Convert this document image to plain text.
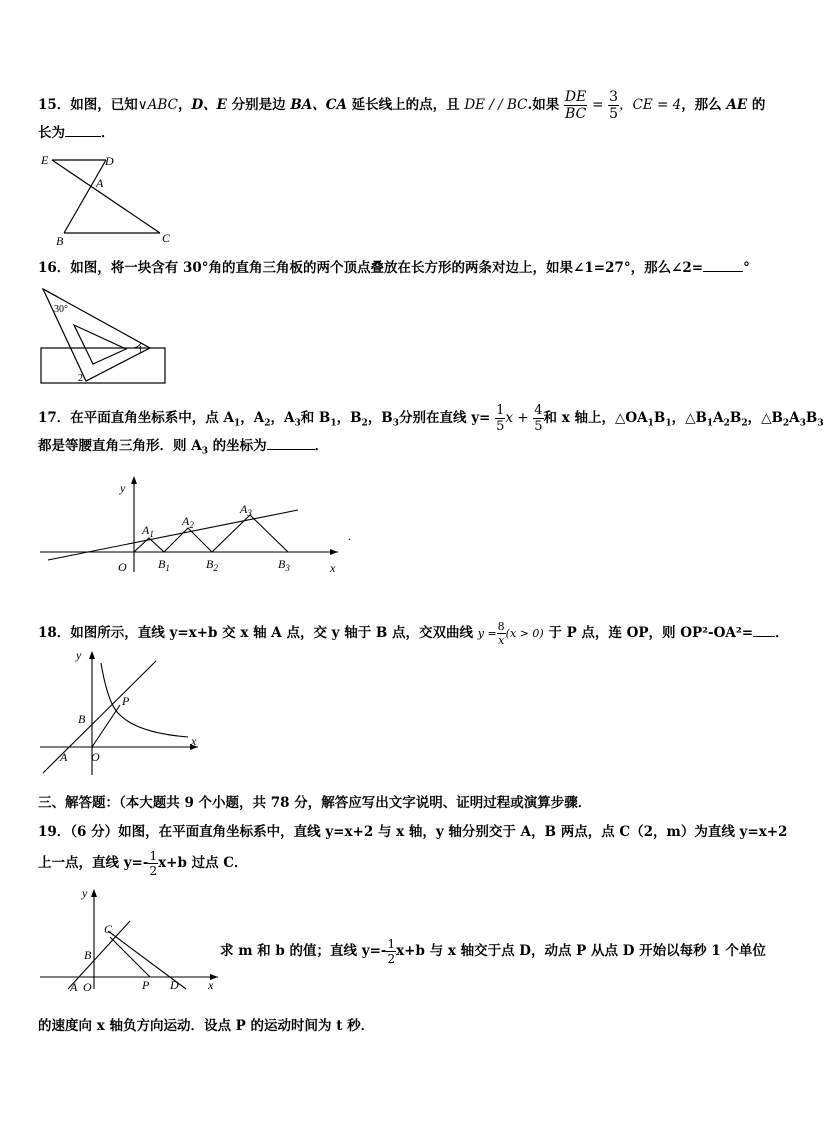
15．如图，已知∨ABC，D、E 分别是边 BA、CA 延长线上的点，且 DE / / BC.如果 $\frac{DE}{BC} = \frac{3}{5}$ ，CE = 4，那么 AE 的
长为	．
E	D
A
B	C
16．如图，将一块含有 30°角的直角三角板的两个顶点叠放在长方形的两条对边上，如果∠1=27°，那么∠2=	°
30°
1
2
17．在平面直角坐标系中，点 $A_1$，$A_2$，$A_3$和 $B_1$，$B_2$，$B_3$分别在直线 $y= \frac{1}{5}$ $x + \frac{4}{5}$ 和 x 轴上，$\triangle OA_1B_1$，$\triangle B_1A_2B_2$，$\triangle B_2A_3B_3$
都是等腰直角三角形．则 $A_3$ 的坐标为	．
y
x
O
$A_1$
$A_2$
$A_3$
$B_1$	$B_2$	$B_3$
.
18．如图所示，直线 y=x+b 交 x 轴 A 点，交 y 轴于 B 点，交双曲线 $y = \frac{8}{x} (x > 0)$ 于 P 点，连 OP，则 OP²-OA²= ．
y
x
O
A
B
P
三、解答题：（本大题共 9 个小题，共 78 分，解答应写出文字说明、证明过程或演算步骤．
19．（6 分）如图，在平面直角坐标系中，直线 y=x+2 与 x 轴，y 轴分别交于 A，B 两点，点 C（2，m）为直线 y=x+2
上一点，直线 $y=- \frac{1}{2} x+b$ 过点 C．
y
x
O
A
B
C
P D
求 m 和 b 的值；直线 $y=- \frac{1}{2} x+b$ 与 x 轴交于点 D，动点 P 从点 D 开始以每秒 1 个单位
的速度向 x 轴负方向运动．设点 P 的运动时间为 t 秒．
